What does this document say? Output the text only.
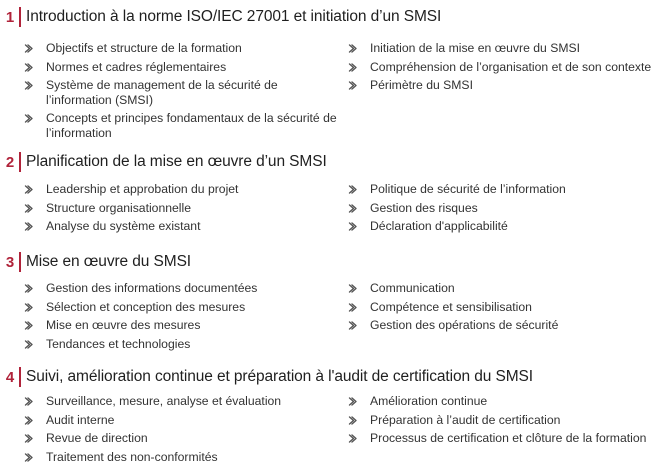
1 Introduction à la norme ISO/IEC 27001 et initiation d’un SMSI
Objectifs et structure de la formation
Normes et cadres réglementaires
Système de management de la sécurité de l’information (SMSI)
Concepts et principes fondamentaux de la sécurité de l’information
Initiation de la mise en œuvre du SMSI
Compréhension de l’organisation et de son contexte
Périmètre du SMSI
2 Planification de la mise en œuvre d’un SMSI
Leadership et approbation du projet
Structure organisationnelle
Analyse du système existant
Politique de sécurité de l’information
Gestion des risques
Déclaration d'applicabilité
3 Mise en œuvre du SMSI
Gestion des informations documentées
Sélection et conception des mesures
Mise en œuvre des mesures
Tendances et technologies
Communication
Compétence et sensibilisation
Gestion des opérations de sécurité
4 Suivi, amélioration continue et préparation à l'audit de certification du SMSI
Surveillance, mesure, analyse et évaluation
Audit interne
Revue de direction
Traitement des non-conformités
Amélioration continue
Préparation à l’audit de certification
Processus de certification et clôture de la formation
